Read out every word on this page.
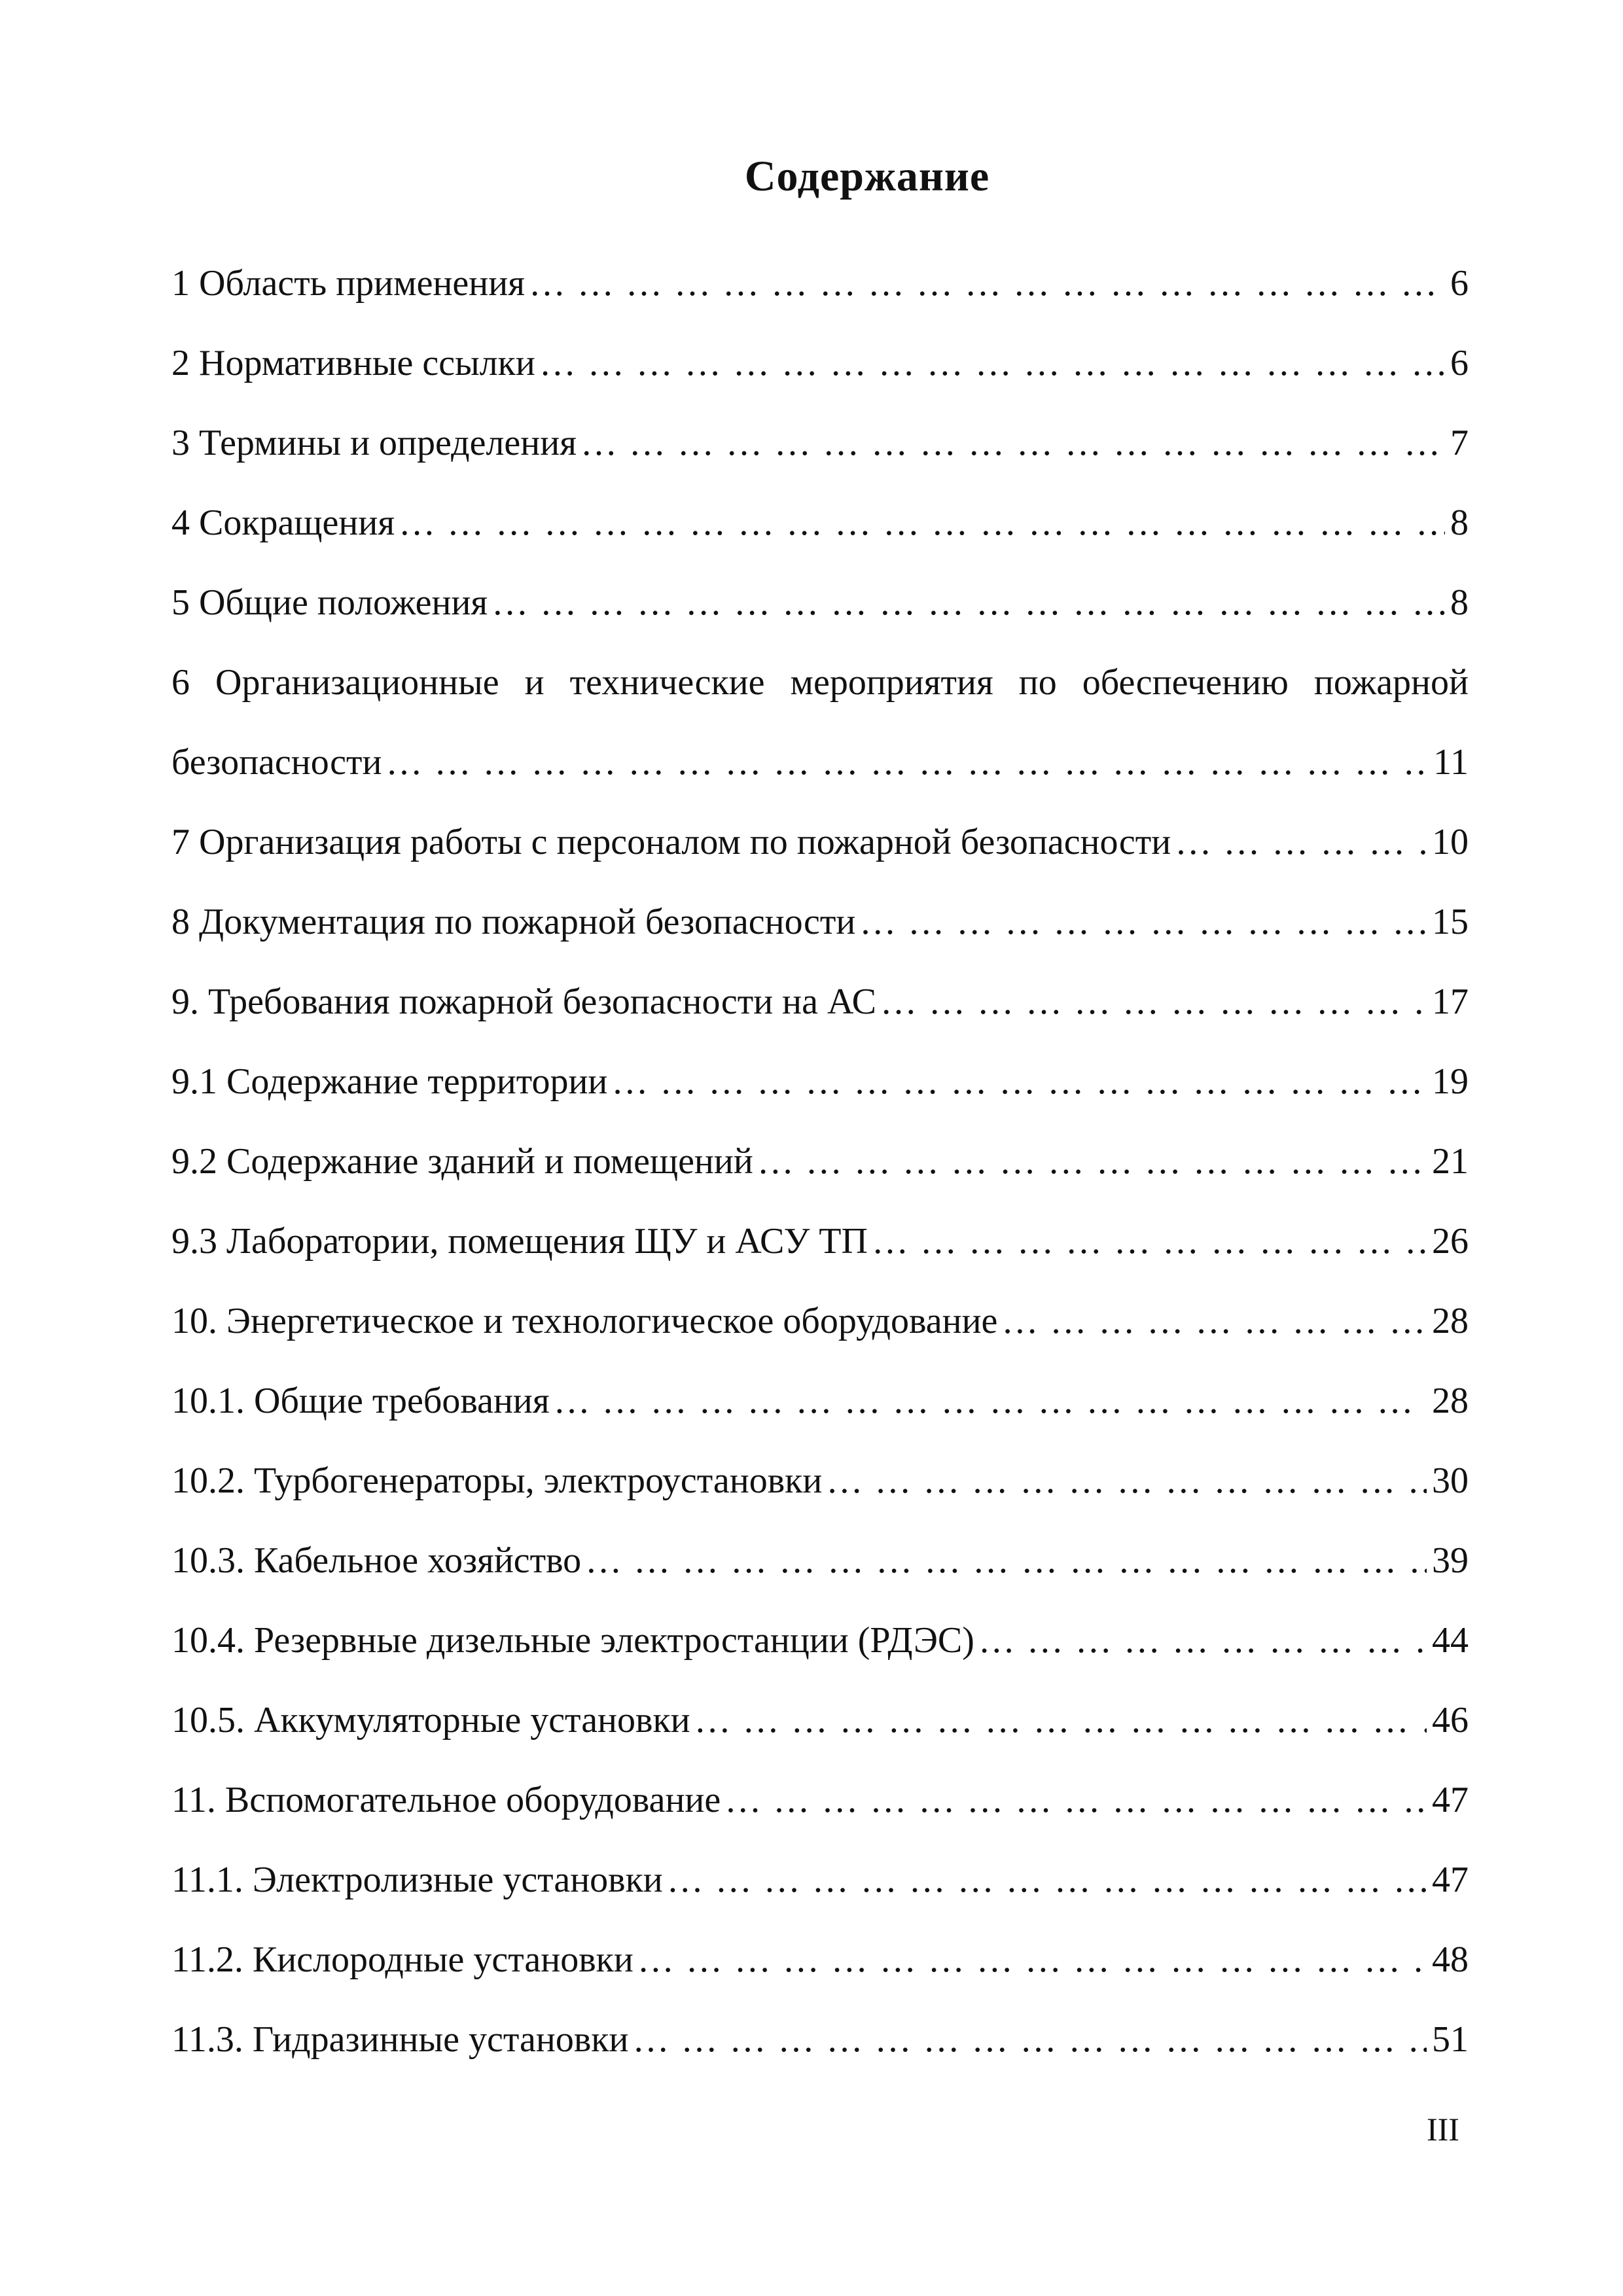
Содержание
1 Область применения … … … … … … … … … … … … … … … … … … … … … … … … … … … … … … … … … … … … … … … … … … … … … … … … … … … … … … … … … … … … … … … … … … … … … … … … … … … … … … … … … … … … … … … … … … … … … … … … …	6
2 Нормативные ссылки … … … … … … … … … … … … … … … … … … … … … … … … … … … … … … … … … … … … … … … … … … … … … … … … … … … … … … … … … … … … … … … … … … … … … … … … … … … … … … … … … … … … … … … … … … … … … … … … …	6
3 Термины и определения … … … … … … … … … … … … … … … … … … … … … … … … … … … … … … … … … … … … … … … … … … … … … … … … … … … … … … … … … … … … … … … … … … … … … … … … … … … … … … … … … … … … … … … … … … … … … … … … …	7
4 Сокращения … … … … … … … … … … … … … … … … … … … … … … … … … … … … … … … … … … … … … … … … … … … … … … … … … … … … … … … … … … … … … … … … … … … … … … … … … … … … … … … … … … … … … … … … … … … … … … … … …	8
5 Общие положения … … … … … … … … … … … … … … … … … … … … … … … … … … … … … … … … … … … … … … … … … … … … … … … … … … … … … … … … … … … … … … … … … … … … … … … … … … … … … … … … … … … … … … … … … … … … … … … … …	8
6 Организационные и технические мероприятия по обеспечению пожарной
безопасности … … … … … … … … … … … … … … … … … … … … … … … … … … … … … … … … … … … … … … … … … … … … … … … … … … … … … … … … … … … … … … … … … … … … … … … … … … … … … … … … … … … … … … … … … … … … … … … … …	11
7 Организация работы с персоналом по пожарной безопасности … … … … … … … … … … … … … … … … … … … … … … … … … … … … … … … … … … … … … … … … … … … … … … … … … … … … … … … … … … … … … … … … … … … … … … … … … … … … … … … … … … … … … … … … … … … … … … … … …	10
8 Документация по пожарной безопасности … … … … … … … … … … … … … … … … … … … … … … … … … … … … … … … … … … … … … … … … … … … … … … … … … … … … … … … … … … … … … … … … … … … … … … … … … … … … … … … … … … … … … … … … … … … … … … … … …	15
9. Требования пожарной безопасности на АС … … … … … … … … … … … … … … … … … … … … … … … … … … … … … … … … … … … … … … … … … … … … … … … … … … … … … … … … … … … … … … … … … … … … … … … … … … … … … … … … … … … … … … … … … … … … … … … … …	17
9.1 Содержание территории … … … … … … … … … … … … … … … … … … … … … … … … … … … … … … … … … … … … … … … … … … … … … … … … … … … … … … … … … … … … … … … … … … … … … … … … … … … … … … … … … … … … … … … … … … … … … … … … …	19
9.2 Содержание зданий и помещений … … … … … … … … … … … … … … … … … … … … … … … … … … … … … … … … … … … … … … … … … … … … … … … … … … … … … … … … … … … … … … … … … … … … … … … … … … … … … … … … … … … … … … … … … … … … … … … … …	21
9.3 Лаборатории, помещения ЩУ и АСУ ТП … … … … … … … … … … … … … … … … … … … … … … … … … … … … … … … … … … … … … … … … … … … … … … … … … … … … … … … … … … … … … … … … … … … … … … … … … … … … … … … … … … … … … … … … … … … … … … … … …	26
10. Энергетическое и технологическое оборудование … … … … … … … … … … … … … … … … … … … … … … … … … … … … … … … … … … … … … … … … … … … … … … … … … … … … … … … … … … … … … … … … … … … … … … … … … … … … … … … … … … … … … … … … … … … … … … … … …	28
10.1. Общие требования … … … … … … … … … … … … … … … … … … … … … … … … … … … … … … … … … … … … … … … … … … … … … … … … … … … … … … … … … … … … … … … … … … … … … … … … … … … … … … … … … … … … … … … … … … … … … … … … …	28
10.2. Турбогенераторы, электроустановки … … … … … … … … … … … … … … … … … … … … … … … … … … … … … … … … … … … … … … … … … … … … … … … … … … … … … … … … … … … … … … … … … … … … … … … … … … … … … … … … … … … … … … … … … … … … … … … … …	30
10.3. Кабельное хозяйство … … … … … … … … … … … … … … … … … … … … … … … … … … … … … … … … … … … … … … … … … … … … … … … … … … … … … … … … … … … … … … … … … … … … … … … … … … … … … … … … … … … … … … … … … … … … … … … … …	39
10.4. Резервные дизельные электростанции (РДЭС) … … … … … … … … … … … … … … … … … … … … … … … … … … … … … … … … … … … … … … … … … … … … … … … … … … … … … … … … … … … … … … … … … … … … … … … … … … … … … … … … … … … … … … … … … … … … … … … … …	44
10.5. Аккумуляторные установки … … … … … … … … … … … … … … … … … … … … … … … … … … … … … … … … … … … … … … … … … … … … … … … … … … … … … … … … … … … … … … … … … … … … … … … … … … … … … … … … … … … … … … … … … … … … … … … … …	46
11. Вспомогательное оборудование … … … … … … … … … … … … … … … … … … … … … … … … … … … … … … … … … … … … … … … … … … … … … … … … … … … … … … … … … … … … … … … … … … … … … … … … … … … … … … … … … … … … … … … … … … … … … … … … …	47
11.1. Электролизные установки … … … … … … … … … … … … … … … … … … … … … … … … … … … … … … … … … … … … … … … … … … … … … … … … … … … … … … … … … … … … … … … … … … … … … … … … … … … … … … … … … … … … … … … … … … … … … … … … …	47
11.2. Кислородные установки … … … … … … … … … … … … … … … … … … … … … … … … … … … … … … … … … … … … … … … … … … … … … … … … … … … … … … … … … … … … … … … … … … … … … … … … … … … … … … … … … … … … … … … … … … … … … … … … …	48
11.3. Гидразинные установки … … … … … … … … … … … … … … … … … … … … … … … … … … … … … … … … … … … … … … … … … … … … … … … … … … … … … … … … … … … … … … … … … … … … … … … … … … … … … … … … … … … … … … … … … … … … … … … … …	51
III
